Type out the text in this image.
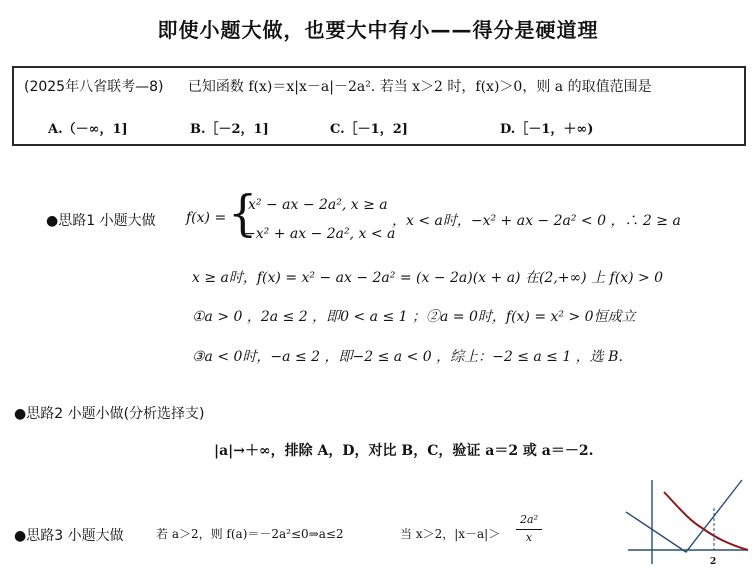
即使小题大做，也要大中有小——得分是硬道理
(2025年八省联考—8) 已知函数 f(x)＝x|x－a|－2a². 若当 x＞2 时，f(x)＞0，则 a 的取值范围是
A.（－∞，1]	B.［－2，1]	C.［－1，2]	D.［－1，＋∞)
●思路1 小题大做 f(x) = {
x² − ax − 2a², x ≥ a
−x² + ax − 2a², x < a
，x < a时，−x² + ax − 2a² < 0 ，∴ 2 ≥ a
x ≥ a时，f(x) = x² − ax − 2a² = (x − 2a)(x + a) 在(2,+∞) 上 f(x) > 0
①a > 0 ，2a ≤ 2 ，即0 < a ≤ 1 ；②a = 0时，f(x) = x² > 0恒成立
③a < 0时，−a ≤ 2 ，即−2 ≤ a < 0 ，综上：−2 ≤ a ≤ 1 ，选 B.
●思路2 小题小做(分析选择支)
|a|→＋∞，排除 A，D，对比 B，C，验证 a＝2 或 a＝－2.
●思路3 小题大做	若 a＞2，则 f(a)＝－2a²≤0⇒a≤2	当 x＞2，|x－a|＞
2a²
x
2
